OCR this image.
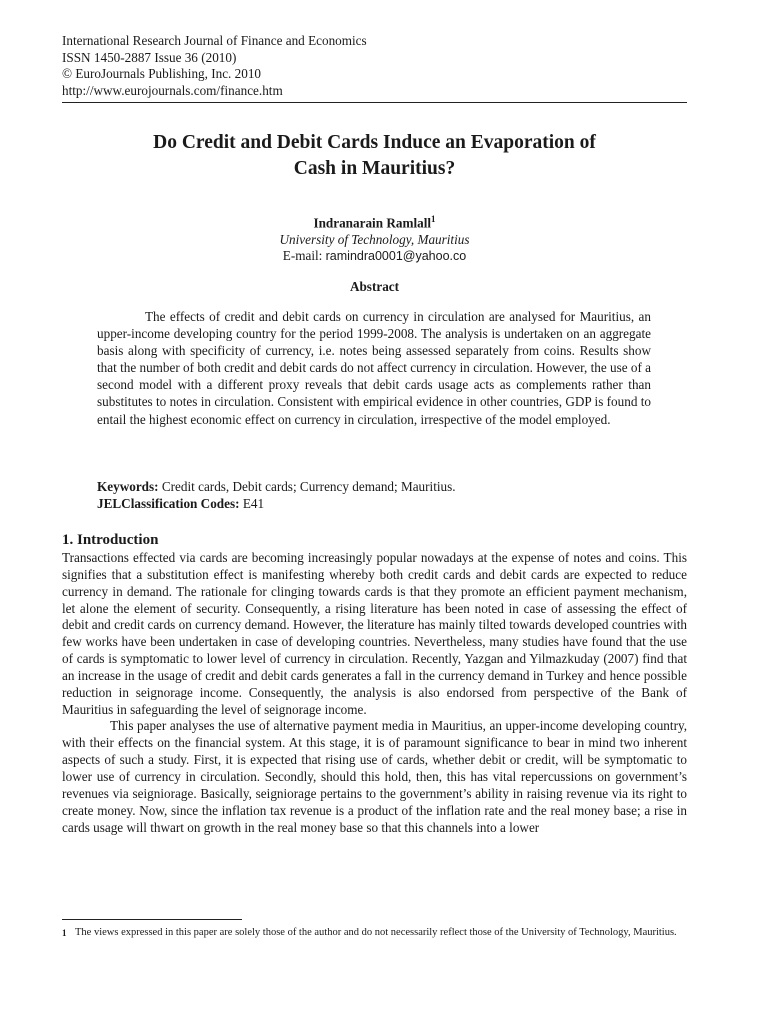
International Research Journal of Finance and Economics
ISSN 1450-2887 Issue 36 (2010)
© EuroJournals Publishing, Inc. 2010
http://www.eurojournals.com/finance.htm
Do Credit and Debit Cards Induce an Evaporation of
Cash in Mauritius?
Indranarain Ramlall$^1$
University of Technology, Mauritius
E-mail: ramindra0001@yahoo.co
Abstract
The effects of credit and debit cards on currency in circulation are analysed for Mauritius, an upper-income developing country for the period 1999-2008. The analysis is undertaken on an aggregate basis along with specificity of currency, i.e. notes being assessed separately from coins. Results show that the number of both credit and debit cards do not affect currency in circulation. However, the use of a second model with a different proxy reveals that debit cards usage acts as complements rather than substitutes to notes in circulation. Consistent with empirical evidence in other countries, GDP is found to entail the highest economic effect on currency in circulation, irrespective of the model employed.
Keywords: Credit cards, Debit cards; Currency demand; Mauritius.
JELClassification Codes: E41
1. Introduction

Transactions effected via cards are becoming increasingly popular nowadays at the expense of notes and coins. This signifies that a substitution effect is manifesting whereby both credit cards and debit cards are expected to reduce currency in demand. The rationale for clinging towards cards is that they promote an efficient payment mechanism, let alone the element of security. Consequently, a rising literature has been noted in case of assessing the effect of debit and credit cards on currency demand. However, the literature has mainly tilted towards developed countries with few works have been undertaken in case of developing countries. Nevertheless, many studies have found that the use of cards is symptomatic to lower level of currency in circulation. Recently, Yazgan and Yilmazkuday (2007) find that an increase in the usage of credit and debit cards generates a fall in the currency demand in Turkey and hence possible reduction in seignorage income. Consequently, the analysis is also endorsed from perspective of the Bank of Mauritius in safeguarding the level of seignorage income.

This paper analyses the use of alternative payment media in Mauritius, an upper-income developing country, with their effects on the financial system. At this stage, it is of paramount significance to bear in mind two inherent aspects of such a study. First, it is expected that rising use of cards, whether debit or credit, will be symptomatic to lower use of currency in circulation. Secondly, should this hold, then, this has vital repercussions on government’s revenues via seigniorage. Basically, seigniorage pertains to the government’s ability in raising revenue via its right to create money. Now, since the inflation tax revenue is a product of the inflation rate and the real money base; a rise in cards usage will thwart on growth in the real money base so that this channels into a lower

1 The views expressed in this paper are solely those of the author and do not necessarily reflect those of the University of Technology, Mauritius.
